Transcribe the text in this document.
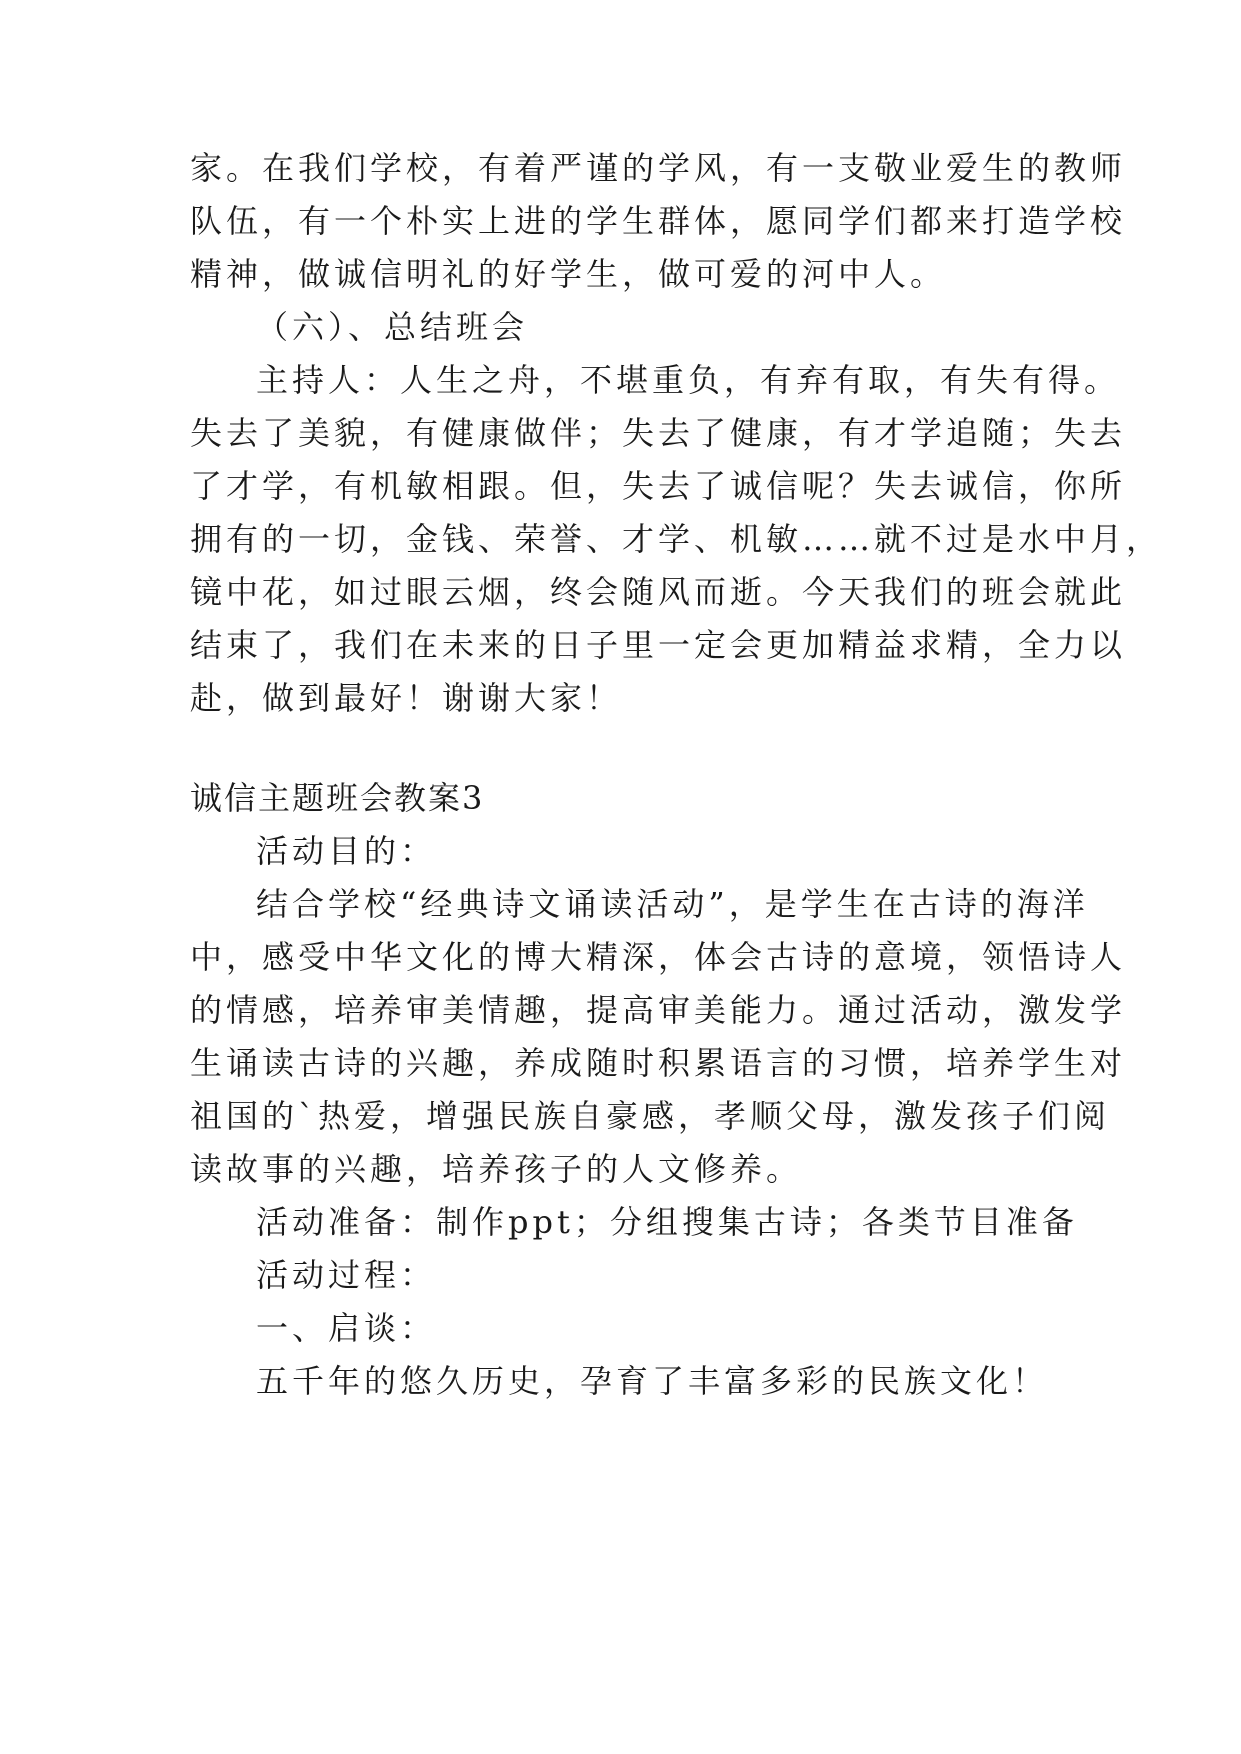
家。在我们学校，有着严谨的学风，有一支敬业爱生的教师
队伍，有一个朴实上进的学生群体，愿同学们都来打造学校
精神，做诚信明礼的好学生，做可爱的河中人。
（六）、总结班会
主持人：人生之舟，不堪重负，有弃有取，有失有得。
失去了美貌，有健康做伴；失去了健康，有才学追随；失去
了才学，有机敏相跟。但，失去了诚信呢？失去诚信，你所
拥有的一切，金钱、荣誉、才学、机敏……就不过是水中月，
镜中花，如过眼云烟，终会随风而逝。今天我们的班会就此
结束了，我们在未来的日子里一定会更加精益求精，全力以
赴，做到最好！谢谢大家！
诚信主题班会教案3
活动目的：
结合学校“经典诗文诵读活动”，是学生在古诗的海洋
中，感受中华文化的博大精深，体会古诗的意境，领悟诗人
的情感，培养审美情趣，提高审美能力。通过活动，激发学
生诵读古诗的兴趣，养成随时积累语言的习惯，培养学生对
祖国的`热爱，增强民族自豪感，孝顺父母，激发孩子们阅
读故事的兴趣，培养孩子的人文修养。
活动准备：制作ppt；分组搜集古诗；各类节目准备
活动过程：
一、启谈：
五千年的悠久历史，孕育了丰富多彩的民族文化！
